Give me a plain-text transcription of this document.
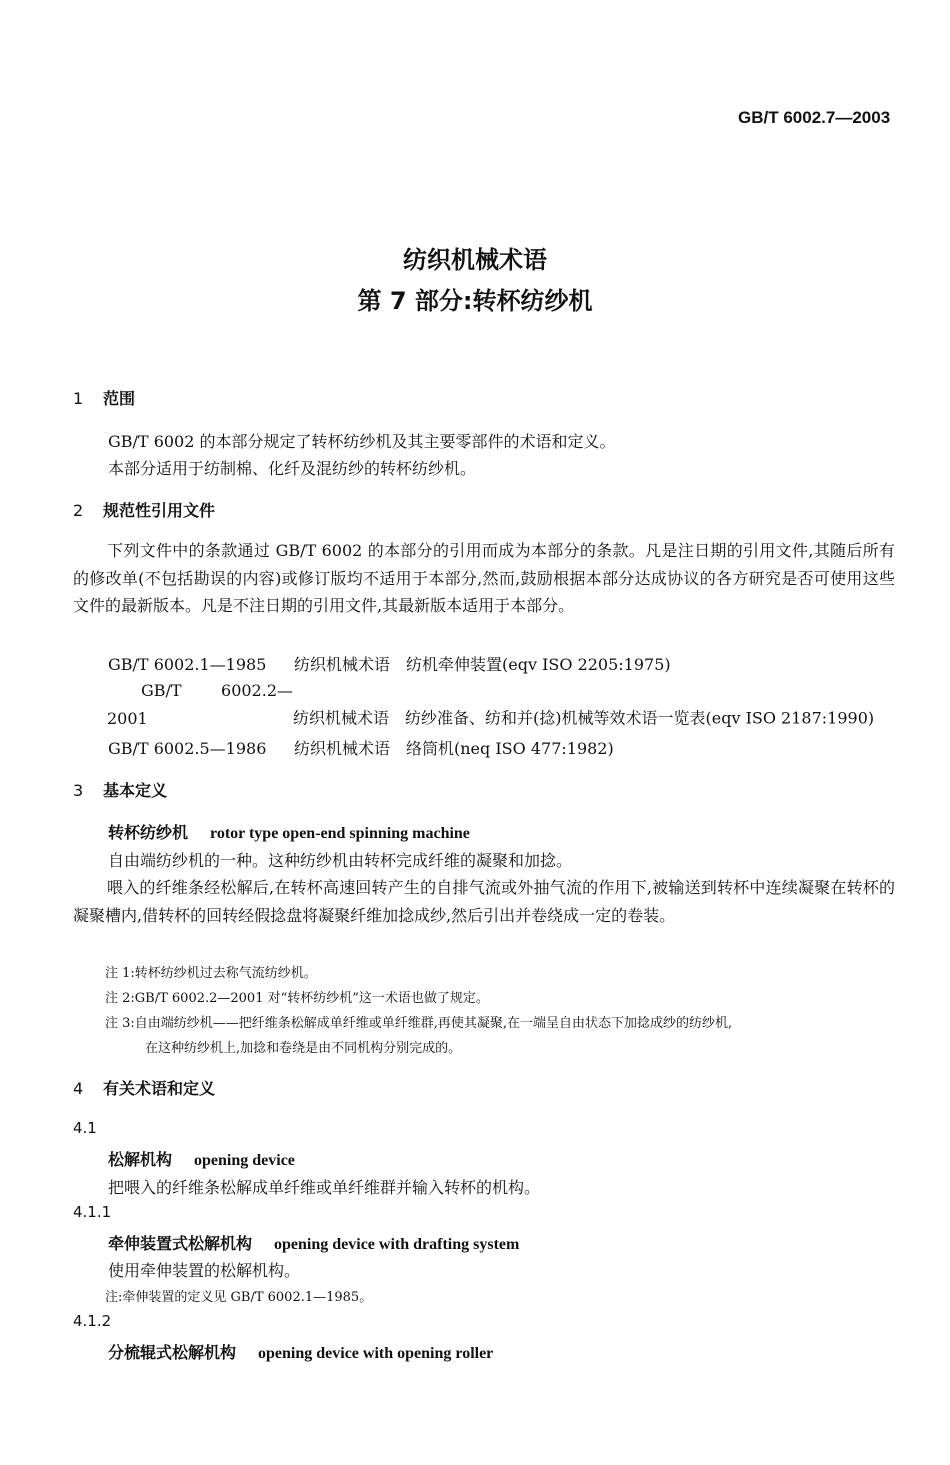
GB/T 6002.7—2003
纺织机械术语
第 7 部分:转杯纺纱机
1 范围
GB/T 6002 的本部分规定了转杯纺纱机及其主要零部件的术语和定义。
本部分适用于纺制棉、化纤及混纺纱的转杯纺纱机。
2 规范性引用文件
下列文件中的条款通过 GB/T 6002 的本部分的引用而成为本部分的条款。凡是注日期的引用文件,其随后所有的修改单(不包括勘误的内容)或修订版均不适用于本部分,然而,鼓励根据本部分达成协议的各方研究是否可使用这些文件的最新版本。凡是不注日期的引用文件,其最新版本适用于本部分。
GB/T 6002.1—1985 纺织机械术语　纺机牵伸装置(eqv ISO 2205:1975)
GB/T 6002.2—2001	纺织机械术语　纺纱准备、纺和并(捻)机械等效术语一览表(eqv ISO 2187:1990)
GB/T 6002.5—1986 纺织机械术语　络筒机(neq ISO 477:1982)
3 基本定义
转杯纺纱机 rotor type open-end spinning machine
自由端纺纱机的一种。这种纺纱机由转杯完成纤维的凝聚和加捻。
喂入的纤维条经松解后,在转杯高速回转产生的自排气流或外抽气流的作用下,被输送到转杯中连续凝聚在转杯的凝聚槽内,借转杯的回转经假捻盘将凝聚纤维加捻成纱,然后引出并卷绕成一定的卷装。
注 1:转杯纺纱机过去称气流纺纱机。
注 2:GB/T 6002.2—2001 对“转杯纺纱机”这一术语也做了规定。
注 3:自由端纺纱机——把纤维条松解成单纤维或单纤维群,再使其凝聚,在一端呈自由状态下加捻成纱的纺纱机,
在这种纺纱机上,加捻和卷绕是由不同机构分别完成的。
4 有关术语和定义
4.1
松解机构 opening device
把喂入的纤维条松解成单纤维或单纤维群并输入转杯的机构。
4.1.1
牵伸装置式松解机构 opening device with drafting system
使用牵伸装置的松解机构。
注:牵伸装置的定义见 GB/T 6002.1—1985。
4.1.2
分梳辊式松解机构 opening device with opening roller
